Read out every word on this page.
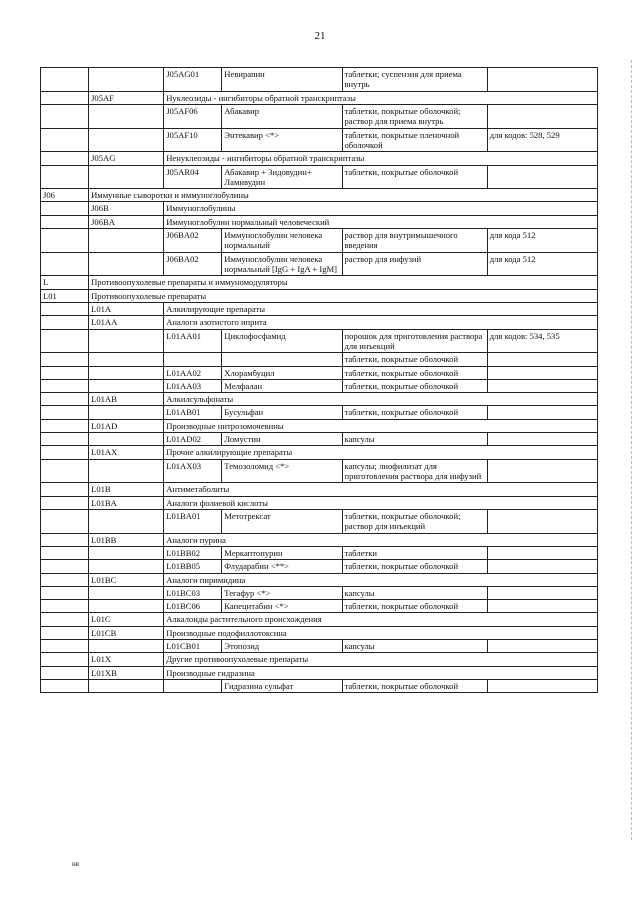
21
		J05AG01	Невирапин	таблетки; суспензия для приема внутрь	
	J05AF	Нуклеозиды - ингибиторы обратной транскриптазы			
		J05AF06	Абакавир	таблетки, покрытые оболочкой; раствор для приема внутрь	
		J05AF10	Энтекавир <*>	таблетки, покрытые пленочной оболочкой	для кодов: 528, 529
	J05AG	Ненуклеозиды - ингибиторы обратной транскриптазы			
		J05AR04	Абакавир + Зидовудин+ Ламивудин	таблетки, покрытые оболочкой	
J06	Иммунные сыворотки и иммуноглобулины				
	J06B	Иммуноглобулины			
	J06BA	Иммуноглобулин нормальный человеческий			
		J06BA02	Иммуноглобулин человека нормальный	раствор для внутримышечного введения	для кода 512
		J06BA02	Иммуноглобулин человека нормальный [IgG + IgA + IgM]	раствор для инфузий	для кода 512
L	Противоопухолевые препараты и иммуномодуляторы				
L01	Противоопухолевые препараты				
	L01A	Алкилирующие препараты			
	L01AA	Аналоги азотистого иприта			
		L01AA01	Циклофосфамид	порошок для приготовления раствора для инъекций	для кодов: 534, 535
				таблетки, покрытые оболочкой	
		L01AA02	Хлорамбуцил	таблетки, покрытые оболочкой	
		L01AA03	Мелфалан	таблетки, покрытые оболочкой	
	L01AB	Алкилсульфонаты			
		L01AB01	Бусульфан	таблетки, покрытые оболочкой	
	L01AD	Производные нитрозомочевины			
		L01AD02	Ломустин	капсулы	
	L01AX	Прочие алкилирующие препараты			
		L01AX03	Темозоломид <*>	капсулы; лиофилизат для приготовления раствора для инфузий	
	L01B	Антиметаболиты			
	L01BA	Аналоги фолиевой кислоты			
		L01BA01	Метотрексат	таблетки, покрытые оболочкой; раствор для инъекций	
	L01BB	Аналоги пурина			
		L01BB02	Меркаптопурин	таблетки	
		L01BB05	Флударабин <**>	таблетки, покрытые оболочкой	
	L01BC	Аналоги пиримидина			
		L01BC03	Тегафур <*>	капсулы	
		L01BC06	Капецитабин <*>	таблетки, покрытые оболочкой	
	L01C	Алкалоиды растительного происхождения			
	L01CB	Производные подофиллотоксина			
		L01CB01	Этопозид	капсулы	
	L01X	Другие противоопухолевые препараты			
	L01XB	Производные гидразина			
			Гидразина сульфат	таблетки, покрытые оболочкой	
нв
